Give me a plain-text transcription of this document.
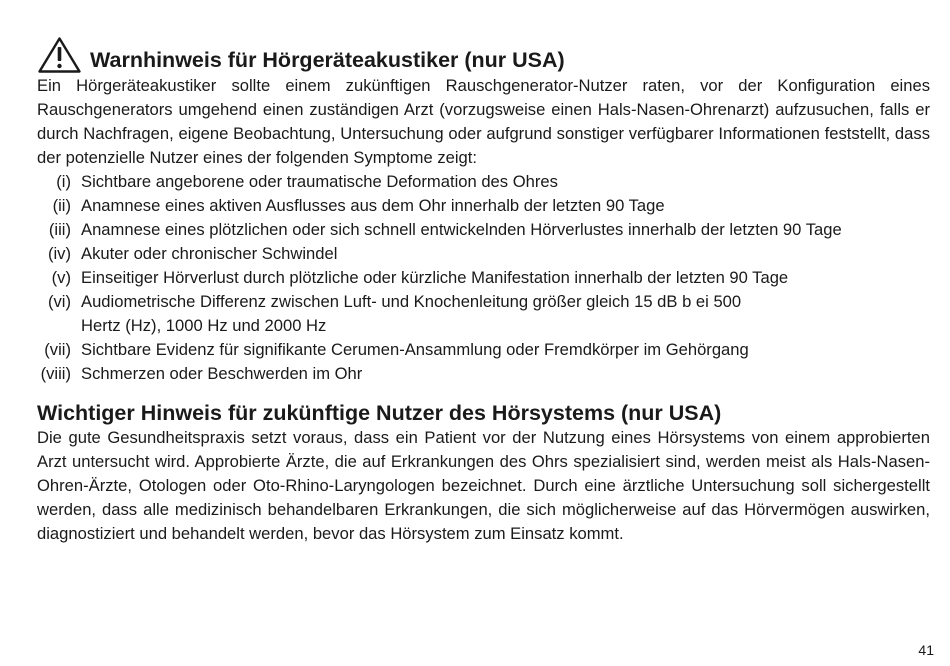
Warnhinweis für Hörgeräteakustiker (nur USA)

Ein Hörgeräteakustiker sollte einem zukünftigen Rauschgenerator-Nutzer raten, vor der Konfiguration eines Rauschgenerators umgehend einen zuständigen Arzt (vorzugsweise einen Hals-Nasen-Ohrenarzt) aufzusuchen, falls er durch Nachfragen, eigene Beobachtung, Untersuchung oder aufgrund sonstiger verfügbarer Informationen feststellt, dass der potenzielle Nutzer eines der folgenden Symptome zeigt:

(i) Sichtbare angeborene oder traumatische Deformation des Ohres
(ii) Anamnese eines aktiven Ausflusses aus dem Ohr innerhalb der letzten 90 Tage
(iii) Anamnese eines plötzlichen oder sich schnell entwickelnden Hörverlustes innerhalb der letzten 90 Tage
(iv) Akuter oder chronischer Schwindel
(v) Einseitiger Hörverlust durch plötzliche oder kürzliche Manifestation innerhalb der letzten 90 Tage
(vi) Audiometrische Differenz zwischen Luft- und Knochenleitung größer gleich 15 dB b ei 500 Hertz (Hz), 1000 Hz und 2000 Hz
(vii) Sichtbare Evidenz für signifikante Cerumen-Ansammlung oder Fremdkörper im Gehörgang
(viii) Schmerzen oder Beschwerden im Ohr
Wichtiger Hinweis für zukünftige Nutzer des Hörsystems (nur USA)

Die gute Gesundheitspraxis setzt voraus, dass ein Patient vor der Nutzung eines Hörsystems von einem approbierten Arzt untersucht wird. Approbierte Ärzte, die auf Erkrankungen des Ohrs spezialisiert sind, werden meist als Hals-Nasen-Ohren-Ärzte, Otologen oder Oto-Rhino-Laryngologen bezeichnet. Durch eine ärztliche Untersuchung soll sichergestellt werden, dass alle medizinisch behandelbaren Erkrankungen, die sich möglicherweise auf das Hörvermögen auswirken, diagnostiziert und behandelt werden, bevor das Hörsystem zum Einsatz kommt.

41
